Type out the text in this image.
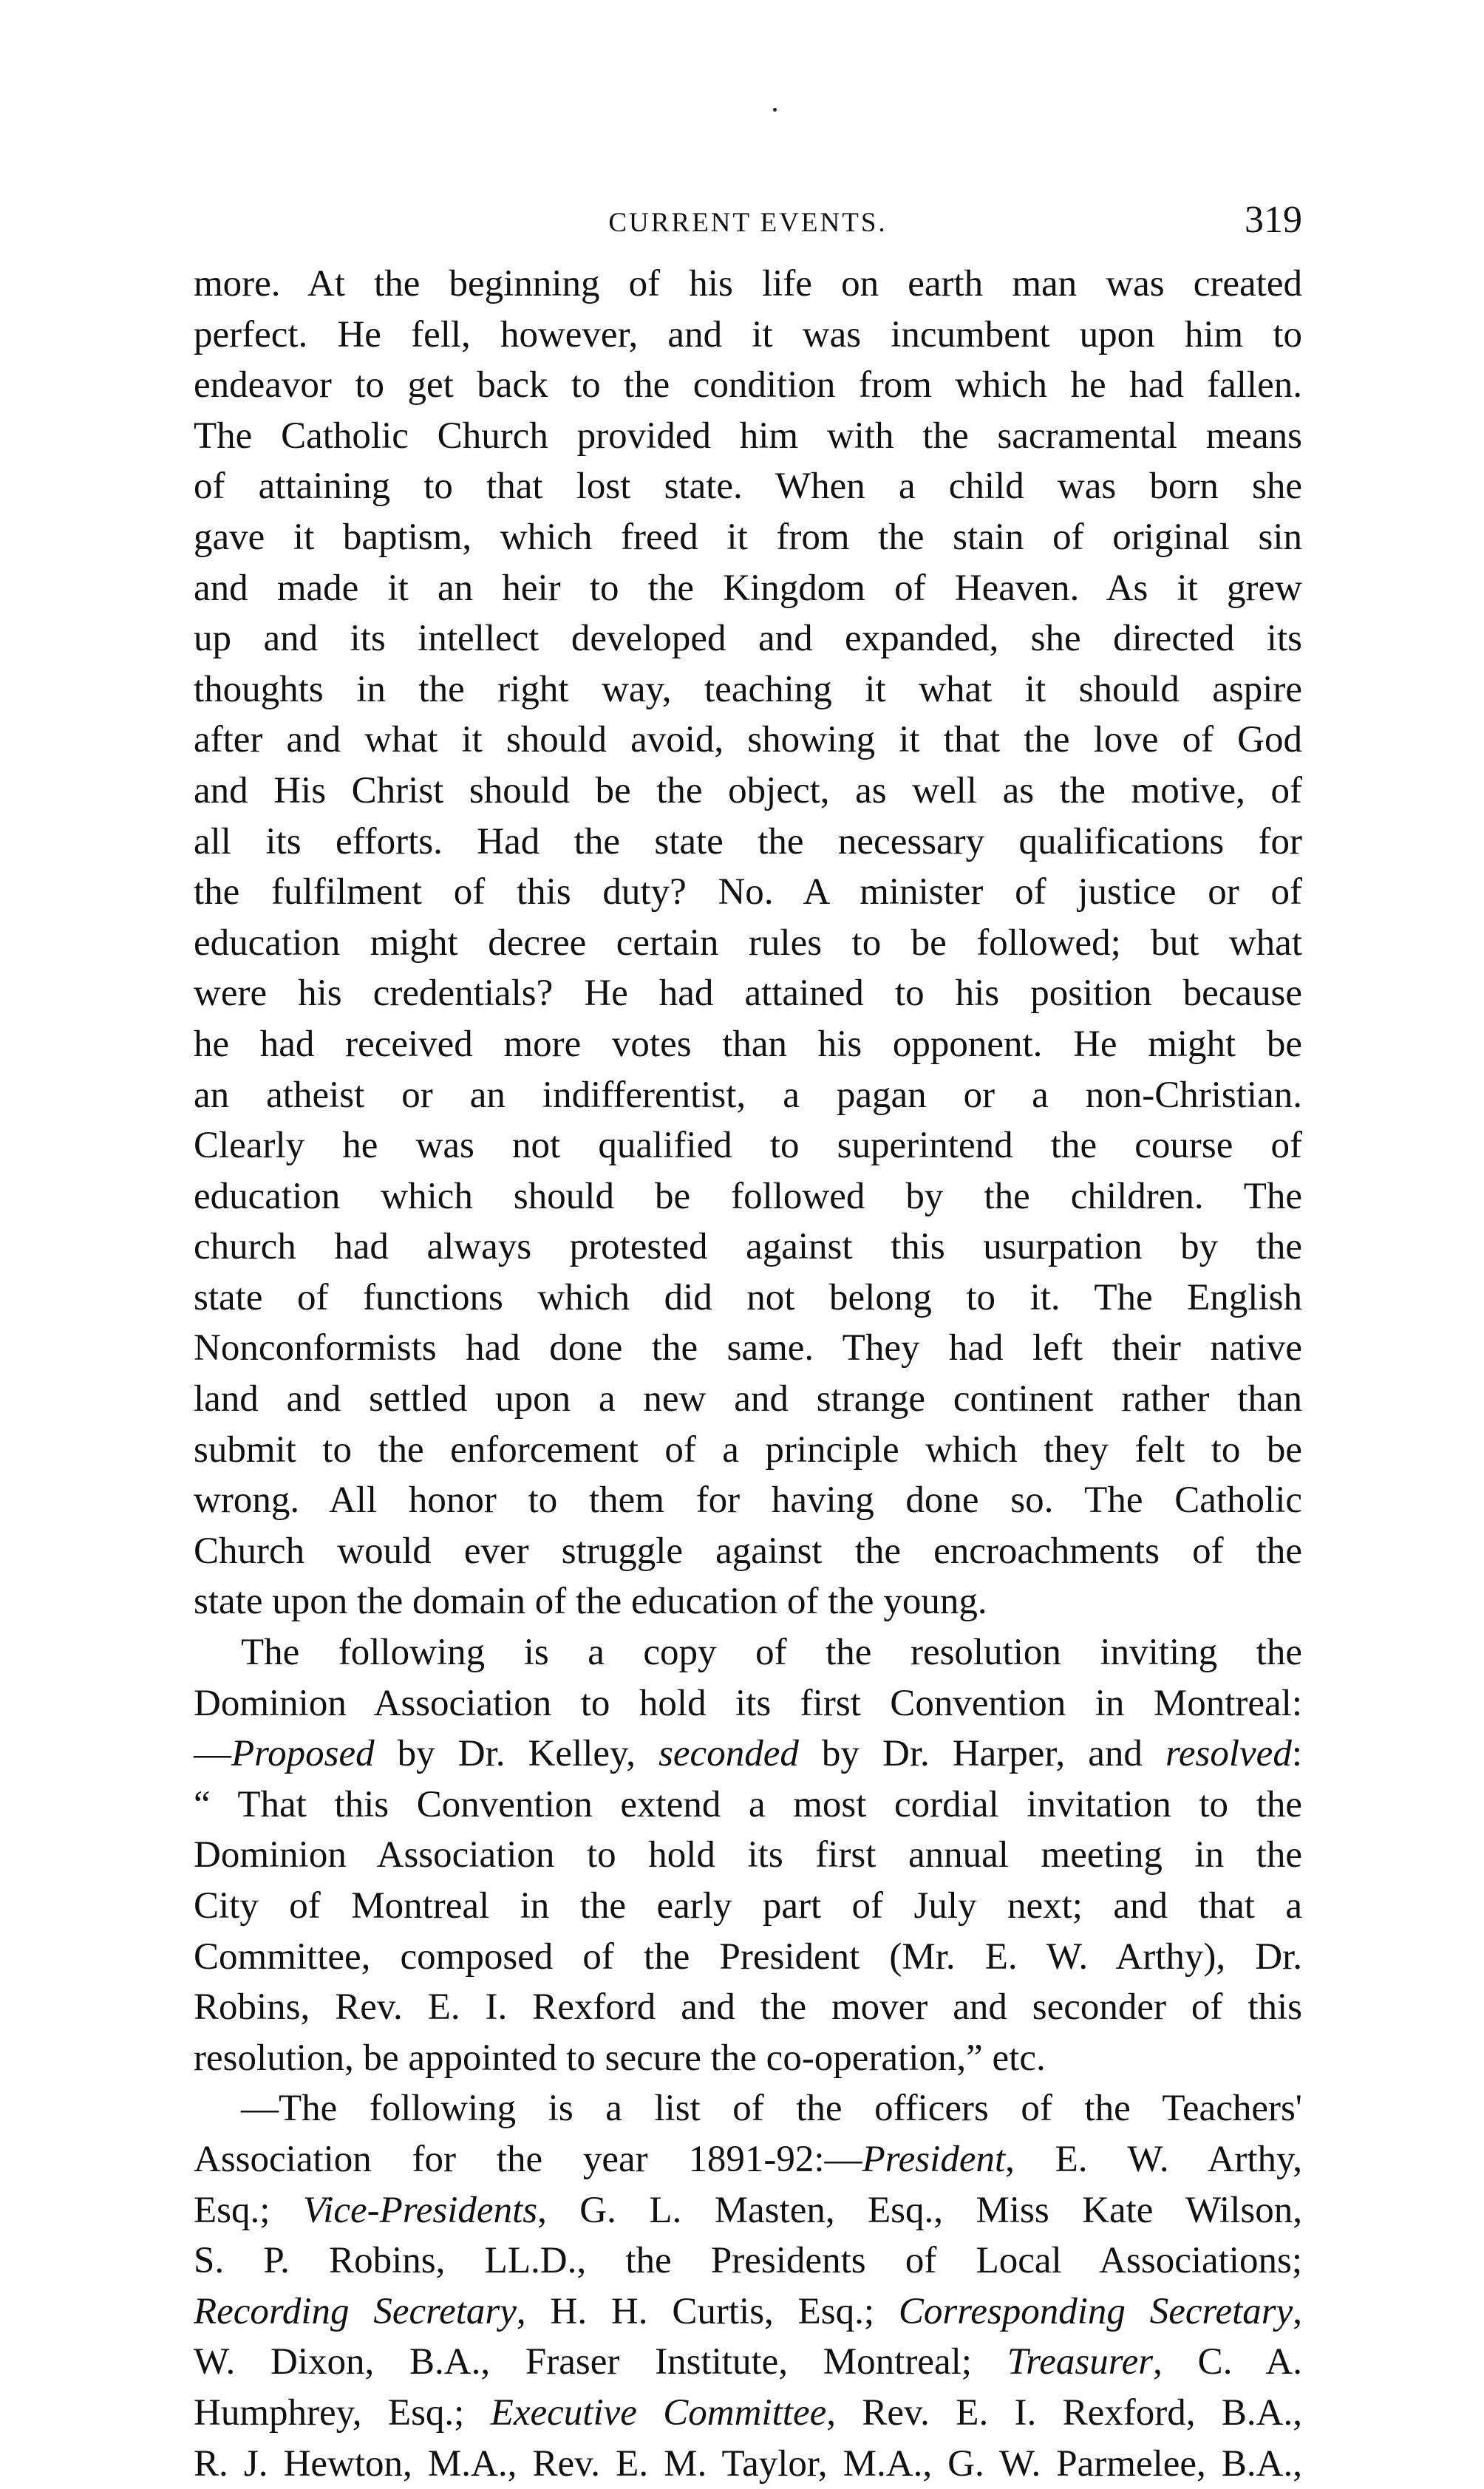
CURRENT EVENTS.	319
more. At the beginning of his life on earth man was created
perfect. He fell, however, and it was incumbent upon him to
endeavor to get back to the condition from which he had fallen.
The Catholic Church provided him with the sacramental means
of attaining to that lost state. When a child was born she
gave it baptism, which freed it from the stain of original sin
and made it an heir to the Kingdom of Heaven. As it grew
up and its intellect developed and expanded, she directed its
thoughts in the right way, teaching it what it should aspire
after and what it should avoid, showing it that the love of God
and His Christ should be the object, as well as the motive, of
all its efforts. Had the state the necessary qualifications for
the fulfilment of this duty? No. A minister of justice or of
education might decree certain rules to be followed; but what
were his credentials? He had attained to his position because
he had received more votes than his opponent. He might be
an atheist or an indifferentist, a pagan or a non-Christian.
Clearly he was not qualified to superintend the course of
education which should be followed by the children. The
church had always protested against this usurpation by the
state of functions which did not belong to it. The English
Nonconformists had done the same. They had left their native
land and settled upon a new and strange continent rather than
submit to the enforcement of a principle which they felt to be
wrong. All honor to them for having done so. The Catholic
Church would ever struggle against the encroachments of the
state upon the domain of the education of the young.
The following is a copy of the resolution inviting the
Dominion Association to hold its first Convention in Montreal:
—Proposed by Dr. Kelley, seconded by Dr. Harper, and resolved:
“ That this Convention extend a most cordial invitation to the
Dominion Association to hold its first annual meeting in the
City of Montreal in the early part of July next; and that a
Committee, composed of the President (Mr. E. W. Arthy), Dr.
Robins, Rev. E. I. Rexford and the mover and seconder of this
resolution, be appointed to secure the co-operation,” etc.
—The following is a list of the officers of the Teachers'
Association for the year 1891-92:—President, E. W. Arthy,
Esq.; Vice-Presidents, G. L. Masten, Esq., Miss Kate Wilson,
S. P. Robins, LL.D., the Presidents of Local Associations;
Recording Secretary, H. H. Curtis, Esq.; Corresponding Secretary,
W. Dixon, B.A., Fraser Institute, Montreal; Treasurer, C. A.
Humphrey, Esq.; Executive Committee, Rev. E. I. Rexford, B.A.,
R. J. Hewton, M.A., Rev. E. M. Taylor, M.A., G. W. Parmelee, B.A.,
